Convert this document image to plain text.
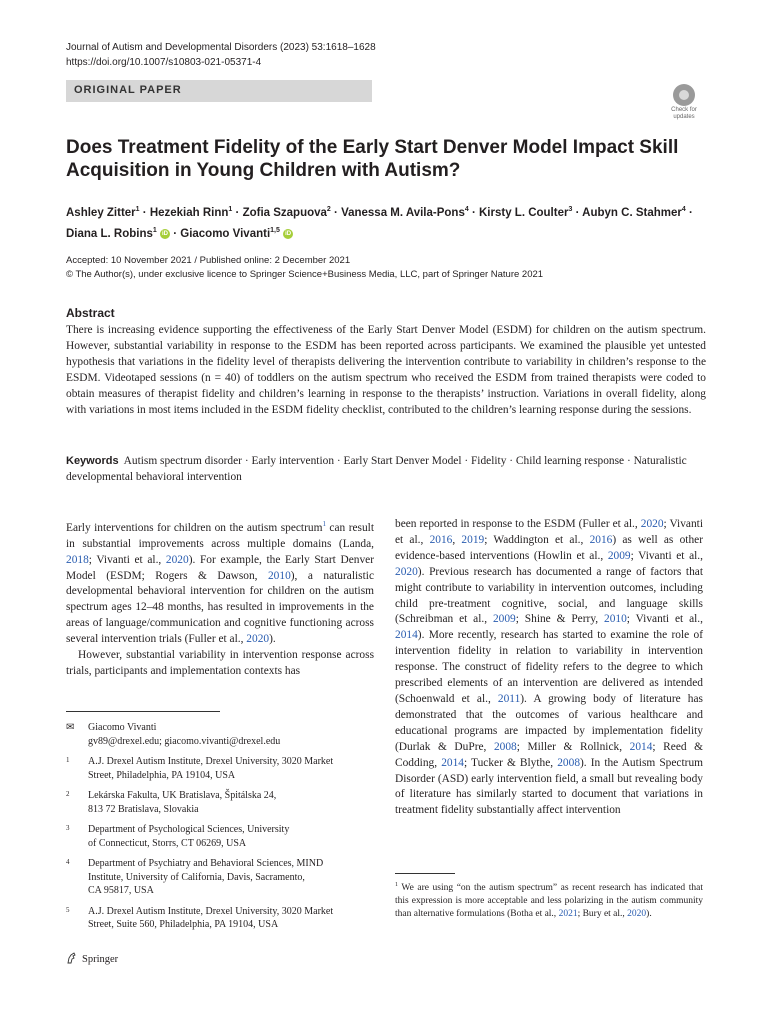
Journal of Autism and Developmental Disorders (2023) 53:1618–1628
https://doi.org/10.1007/s10803-021-05371-4
ORIGINAL PAPER
Check for
updates
Does Treatment Fidelity of the Early Start Denver Model Impact Skill Acquisition in Young Children with Autism?
Ashley Zitter$^1$ · Hezekiah Rinn$^1$ · Zofia Szapuova$^2$ · Vanessa M. Avila-Pons$^4$ · Kirsty L. Coulter$^3$ · Aubyn C. Stahmer$^4$ ·
Diana L. Robins$^1$ iD · Giacomo Vivanti$^{1,5}$ iD
Accepted: 10 November 2021 / Published online: 2 December 2021
© The Author(s), under exclusive licence to Springer Science+Business Media, LLC, part of Springer Nature 2021
Abstract
There is increasing evidence supporting the effectiveness of the Early Start Denver Model (ESDM) for children on the autism spectrum. However, substantial variability in response to the ESDM has been reported across participants. We examined the plausible yet untested hypothesis that variations in the fidelity level of therapists delivering the intervention contribute to variability in children’s response to the ESDM. Videotaped sessions (n = 40) of toddlers on the autism spectrum who received the ESDM from trained therapists were coded to obtain measures of therapist fidelity and children’s learning in response to the therapists’ instruction. Variations in overall fidelity, along with variations in most items included in the ESDM fidelity checklist, contributed to the children’s learning response during the sessions.
Keywords Autism spectrum disorder · Early intervention · Early Start Denver Model · Fidelity · Child learning response · Naturalistic developmental behavioral intervention

Early interventions for children on the autism spectrum$^1$ can result in substantial improvements across multiple domains (Landa, 2018; Vivanti et al., 2020). For example, the Early Start Denver Model (ESDM; Rogers & Dawson, 2010), a naturalistic developmental behavioral intervention for children on the autism spectrum ages 12–48 months, has resulted in improvements in the areas of language/communication and cognitive functioning across several intervention trials (Fuller et al., 2020).

However, substantial variability in intervention response across trials, participants and implementation contexts has

been reported in response to the ESDM (Fuller et al., 2020; Vivanti et al., 2016, 2019; Waddington et al., 2016) as well as other evidence-based interventions (Howlin et al., 2009; Vivanti et al., 2020). Previous research has documented a range of factors that might contribute to variability in intervention outcomes, including child pre-treatment cognitive, social, and language skills (Schreibman et al., 2009; Shine & Perry, 2010; Vivanti et al., 2014). More recently, research has started to examine the role of intervention fidelity in relation to variability in intervention response. The construct of fidelity refers to the degree to which prescribed elements of an intervention are delivered as intended (Schoenwald et al., 2011). A growing body of literature has demonstrated that the outcomes of various healthcare and educational programs are impacted by implementation fidelity (Durlak & DuPre, 2008; Miller & Rollnick, 2014; Reed & Codding, 2014; Tucker & Blythe, 2008). In the Autism Spectrum Disorder (ASD) early intervention field, a small but revealing body of literature has similarly started to document that variations in treatment fidelity substantially affect intervention

✉ Giacomo Vivanti
gv89@drexel.edu; giacomo.vivanti@drexel.edu
1 A.J. Drexel Autism Institute, Drexel University, 3020 Market
Street, Philadelphia, PA 19104, USA
2 Lekárska Fakulta, UK Bratislava, Špitálska 24,
813 72 Bratislava, Slovakia
3 Department of Psychological Sciences, University
of Connecticut, Storrs, CT 06269, USA
4 Department of Psychiatry and Behavioral Sciences, MIND
Institute, University of California, Davis, Sacramento,
CA 95817, USA
5 A.J. Drexel Autism Institute, Drexel University, 3020 Market
Street, Suite 560, Philadelphia, PA 19104, USA
$^1$ We are using “on the autism spectrum” as recent research has indicated that this expression is more acceptable and less polarizing in the autism community than alternative formulations (Botha et al., 2021; Bury et al., 2020).
Springer
